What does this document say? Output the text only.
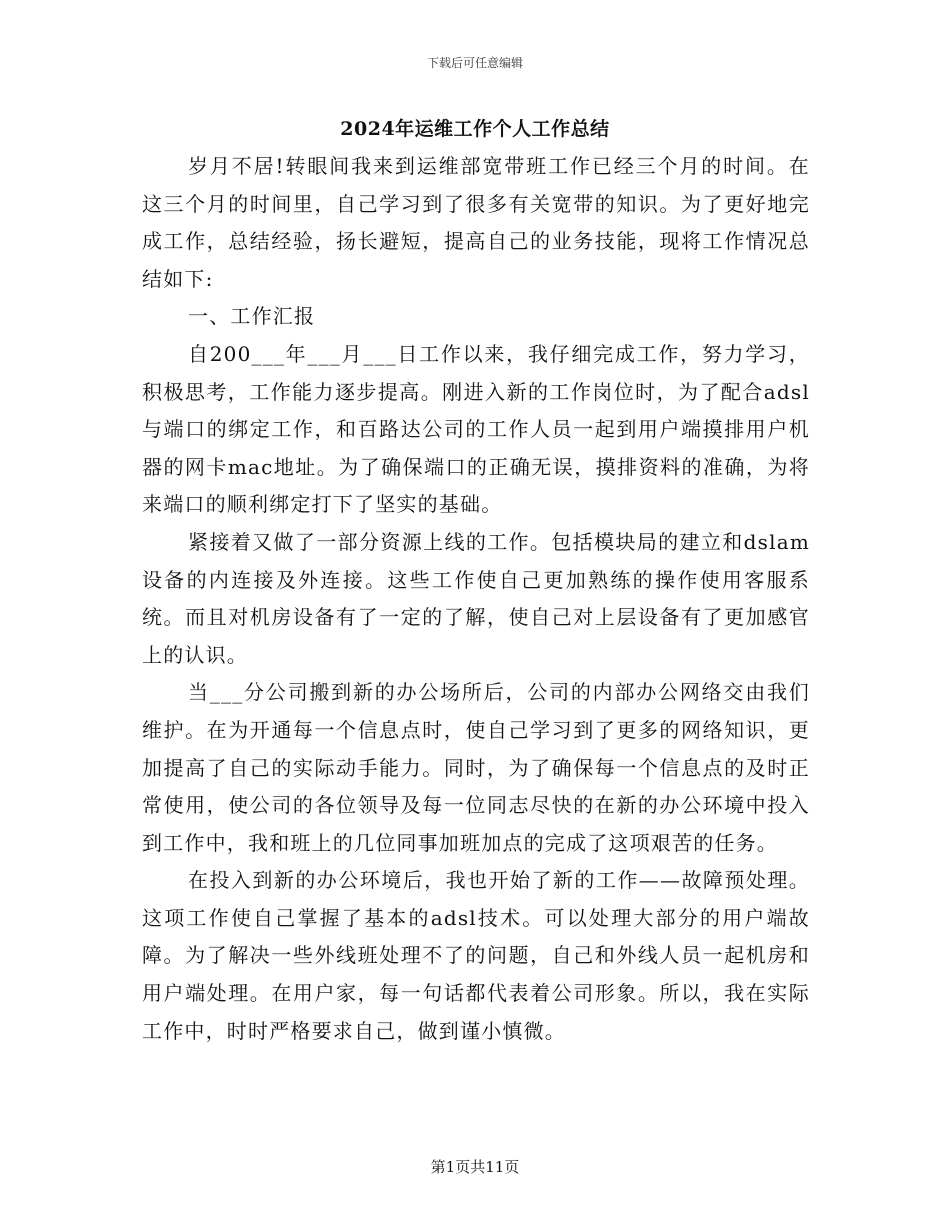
下载后可任意编辑
2024年运维工作个人工作总结

岁月不居!转眼间我来到运维部宽带班工作已经三个月的时间。在这三个月的时间里，自己学习到了很多有关宽带的知识。为了更好地完成工作，总结经验，扬长避短，提高自己的业务技能，现将工作情况总结如下:

一、工作汇报

自200___年___月___日工作以来，我仔细完成工作，努力学习，积极思考，工作能力逐步提高。刚进入新的工作岗位时，为了配合adsl与端口的绑定工作，和百路达公司的工作人员一起到用户端摸排用户机器的网卡mac地址。为了确保端口的正确无误，摸排资料的准确，为将来端口的顺利绑定打下了坚实的基础。

紧接着又做了一部分资源上线的工作。包括模块局的建立和dslam设备的内连接及外连接。这些工作使自己更加熟练的操作使用客服系统。而且对机房设备有了一定的了解，使自己对上层设备有了更加感官上的认识。

当___分公司搬到新的办公场所后，公司的内部办公网络交由我们维护。在为开通每一个信息点时，使自己学习到了更多的网络知识，更加提高了自己的实际动手能力。同时，为了确保每一个信息点的及时正常使用，使公司的各位领导及每一位同志尽快的在新的办公环境中投入到工作中，我和班上的几位同事加班加点的完成了这项艰苦的任务。

在投入到新的办公环境后，我也开始了新的工作——故障预处理。这项工作使自己掌握了基本的adsl技术。可以处理大部分的用户端故障。为了解决一些外线班处理不了的问题，自己和外线人员一起机房和用户端处理。在用户家，每一句话都代表着公司形象。所以，我在实际工作中，时时严格要求自己，做到谨小慎微。

第1页共11页
